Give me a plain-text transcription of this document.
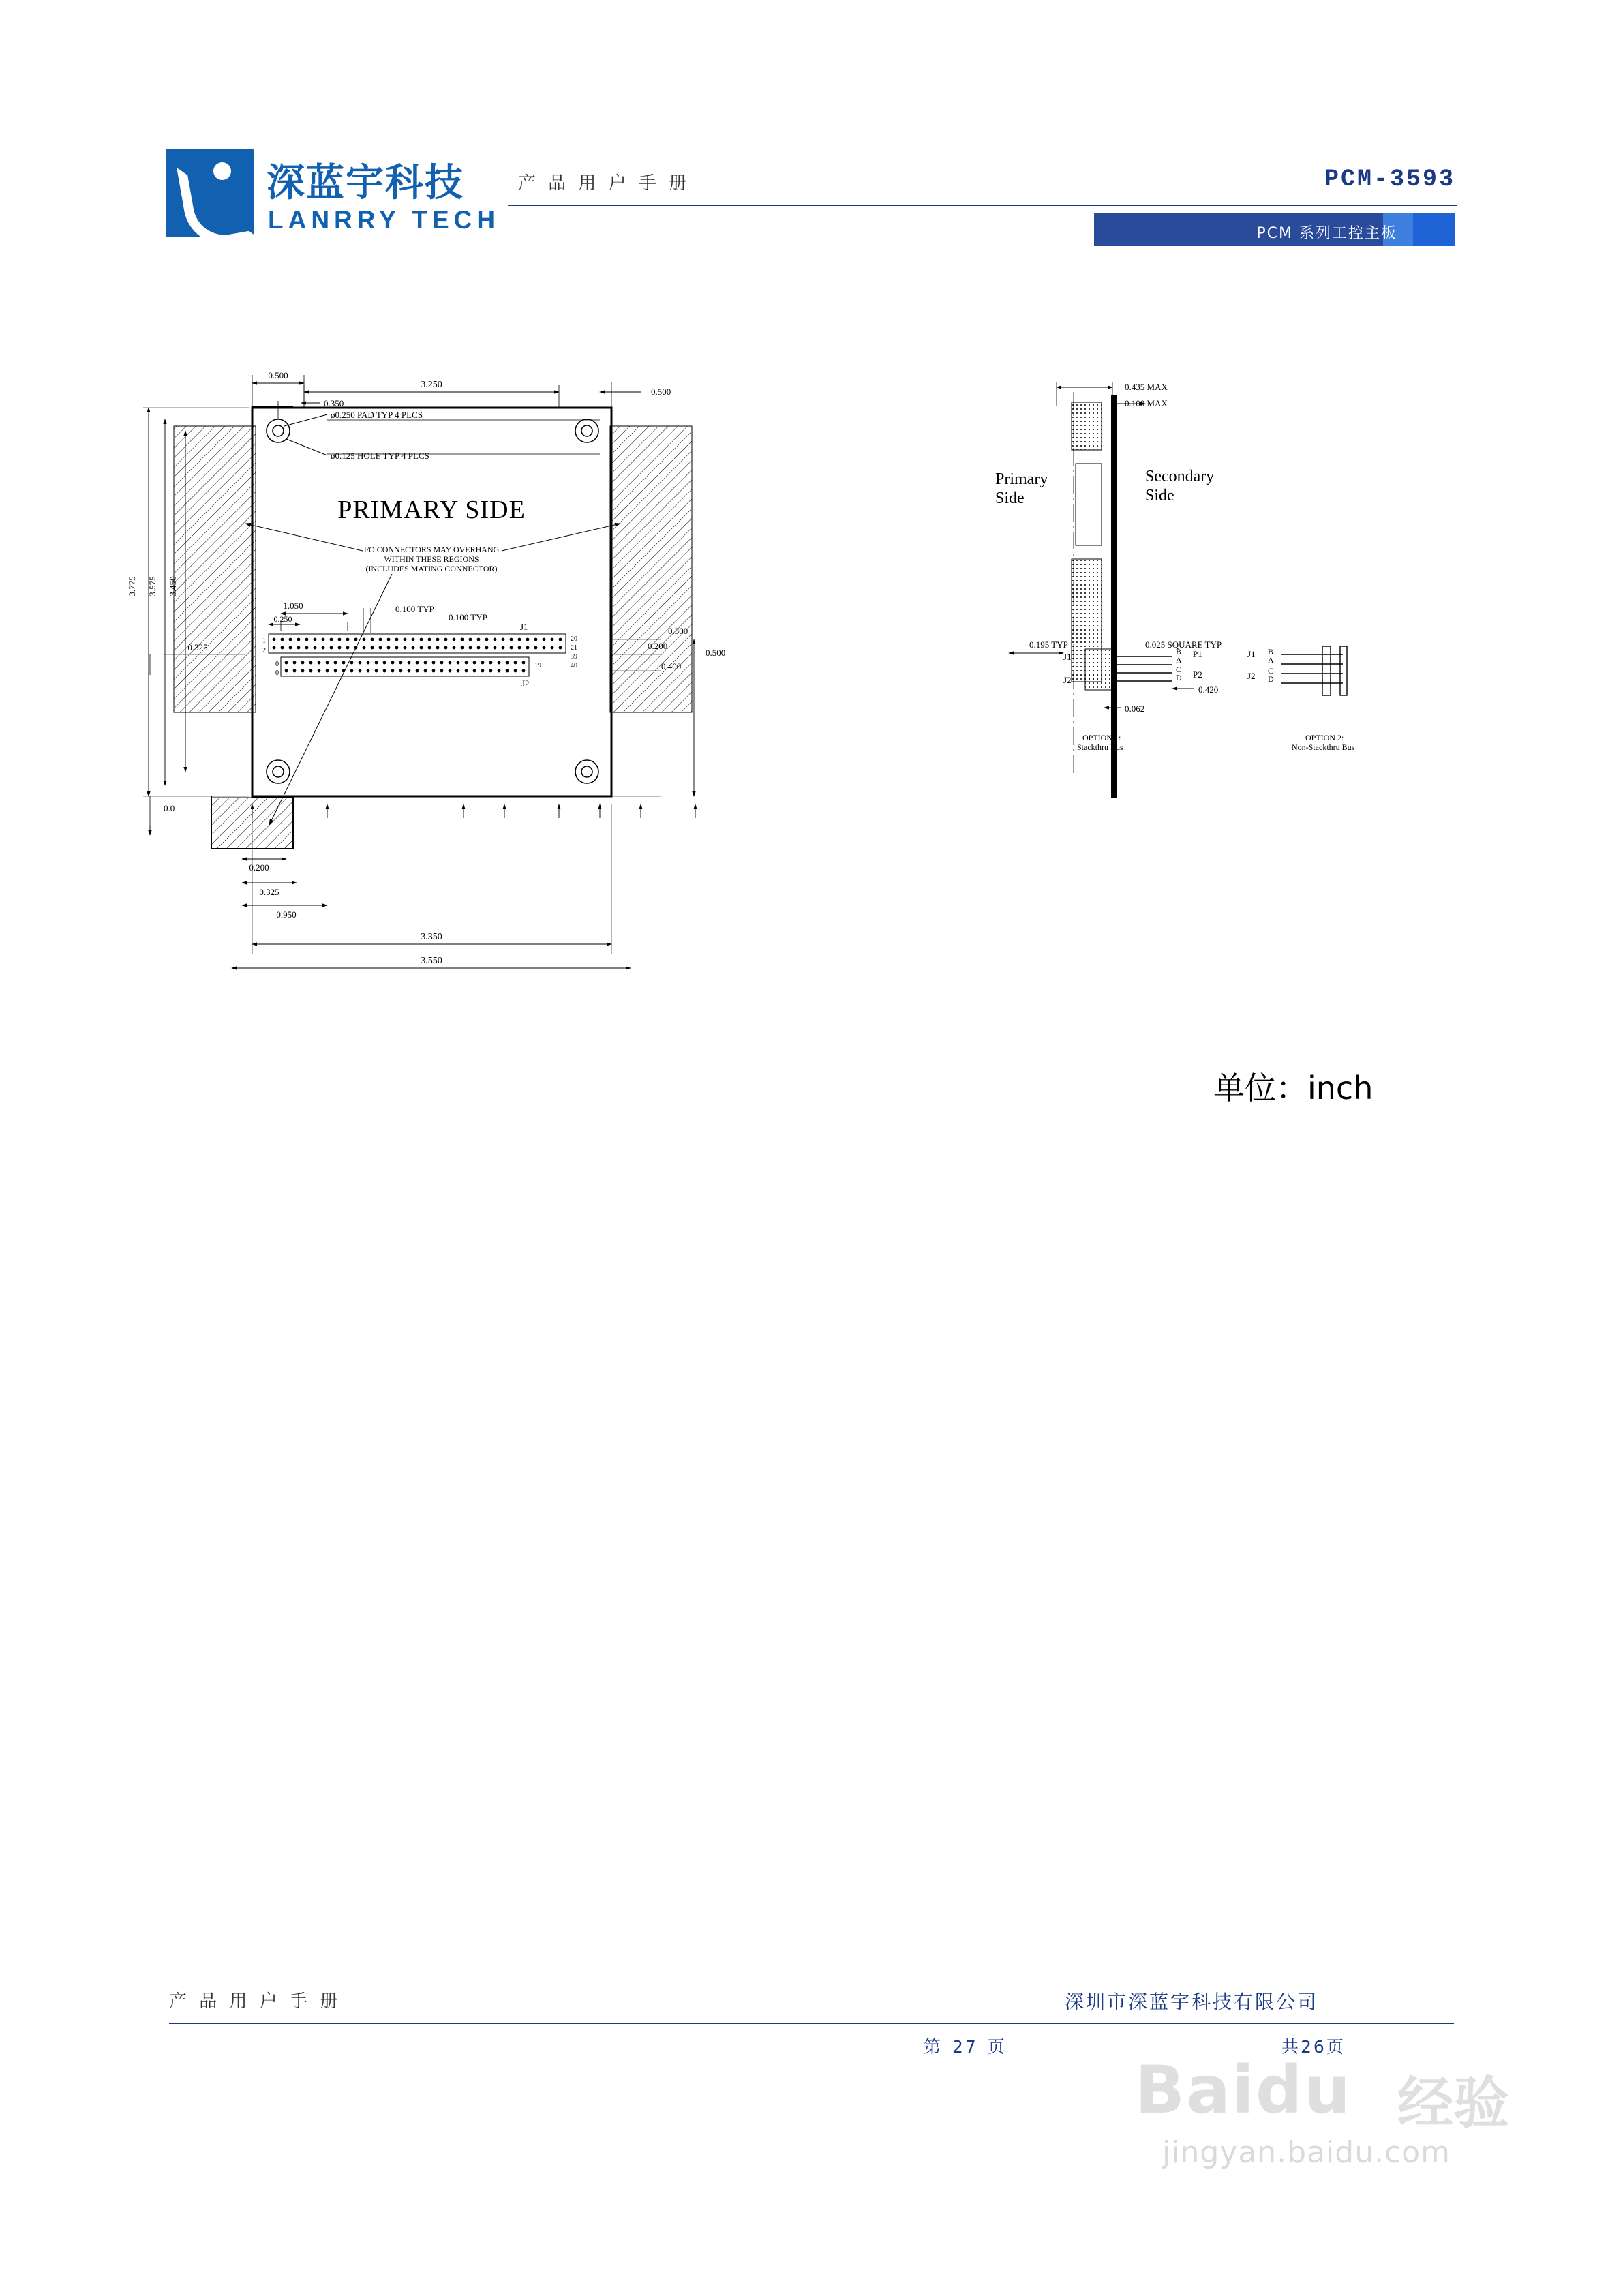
深蓝宇科技
LANRRY TECH
产 品 用 户 手 册	PCM-3593
PCM 系列工控主板
ø0.250 PAD TYP 4 PLCS
ø0.125 HOLE TYP 4 PLCS
PRIMARY SIDE
I/O CONNECTORS MAY OVERHANG
WITHIN THESE REGIONS
(INCLUDES MATING CONNECTOR)
J1
J2
1
2
0
0
20
21
39
40
19
0.500
3.250
0.500
0.350
3.775 3.575 3.450
0.325
0.0
0.200
0.325
0.950
3.350
3.550
1.050
0.250
0.100 TYP
0.100 TYP
0.300
0.200
0.400
0.500
0.435 MAX
0.100 MAX
Primary
Side
Secondary
Side
0.195 TYP	0.025 SQUARE TYP
J1
J2
B
A
C
D
P1
P2
0.420
0.062
OPTION 1:
Stackthru Bus
B
A
C
D
J1
J2
OPTION 2:
Non-Stackthru Bus
单位：inch
产 品 用 户 手 册	深圳市深蓝宇科技有限公司
第 27 页	共26页
Baidu 经验
jingyan.baidu.com
